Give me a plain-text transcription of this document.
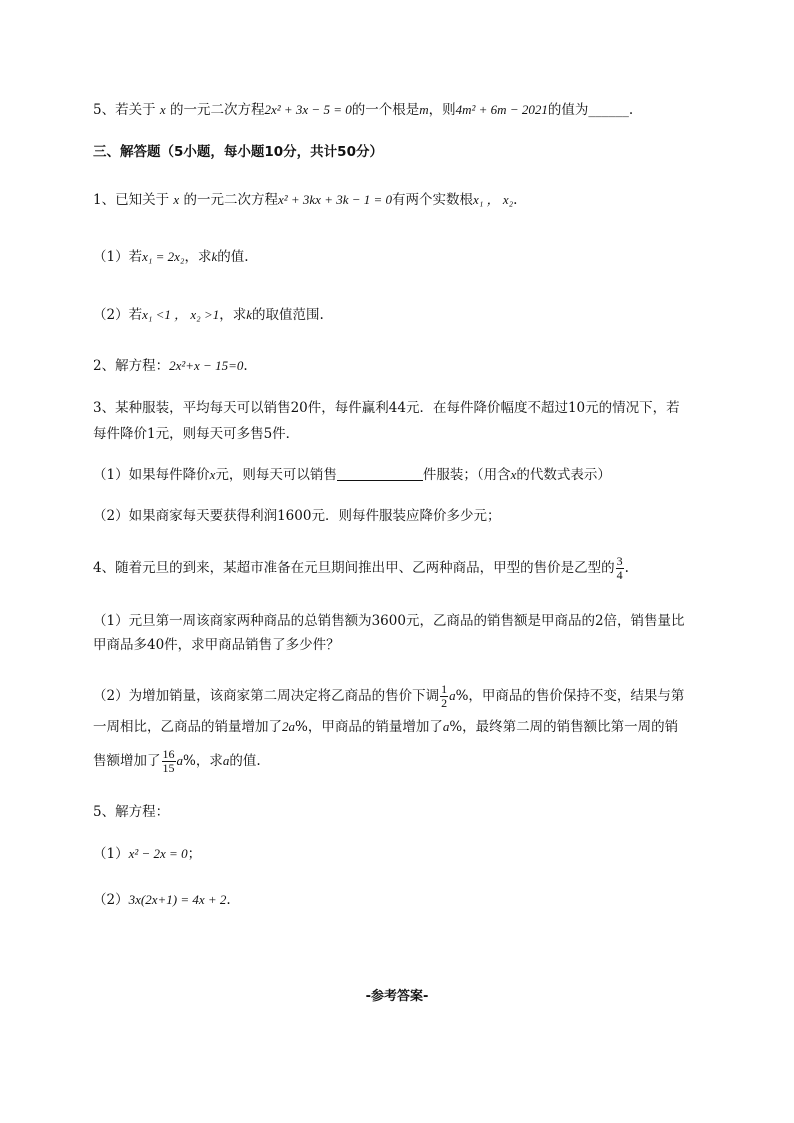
5、若关于 x 的一元二次方程2x² + 3x − 5 = 0的一个根是m，则4m² + 6m − 2021的值为______.
三、解答题（5小题，每小题10分，共计50分）
1、已知关于 x 的一元二次方程x² + 3kx + 3k − 1 = 0有两个实数根x₁ ， x₂.
（1）若x₁ = 2x₂，求k的值.
（2）若x₁ <1 ， x₂ >1，求k的取值范围.
2、解方程：2x²+x − 15=0.
3、某种服装，平均每天可以销售20件，每件赢利44元．在每件降价幅度不超过10元的情况下，若
每件降价1元，则每天可多售5件．
（1）如果每件降价x元，则每天可以销售	件服装；（用含x的代数式表示）
（2）如果商家每天要获得利润1600元．则每件服装应降价多少元；
4、随着元旦的到来，某超市准备在元旦期间推出甲、乙两种商品，甲型的售价是乙型的 $\frac{3}{4}$ .
（1）元旦第一周该商家两种商品的总销售额为3600元，乙商品的销售额是甲商品的2倍，销售量比
甲商品多40件，求甲商品销售了多少件？
（2）为增加销量，该商家第二周决定将乙商品的售价下调 $\frac{1}{2} a\%$，甲商品的售价保持不变，结果与第
一周相比，乙商品的销量增加了2a%，甲商品的销量增加了a%，最终第二周的销售额比第一周的销
售额增加了 $\frac{16}{15} a\%$，求a的值.
5、解方程：
（1）x² − 2x = 0；
（2）3x(2x+1) = 4x + 2.
-参考答案-
